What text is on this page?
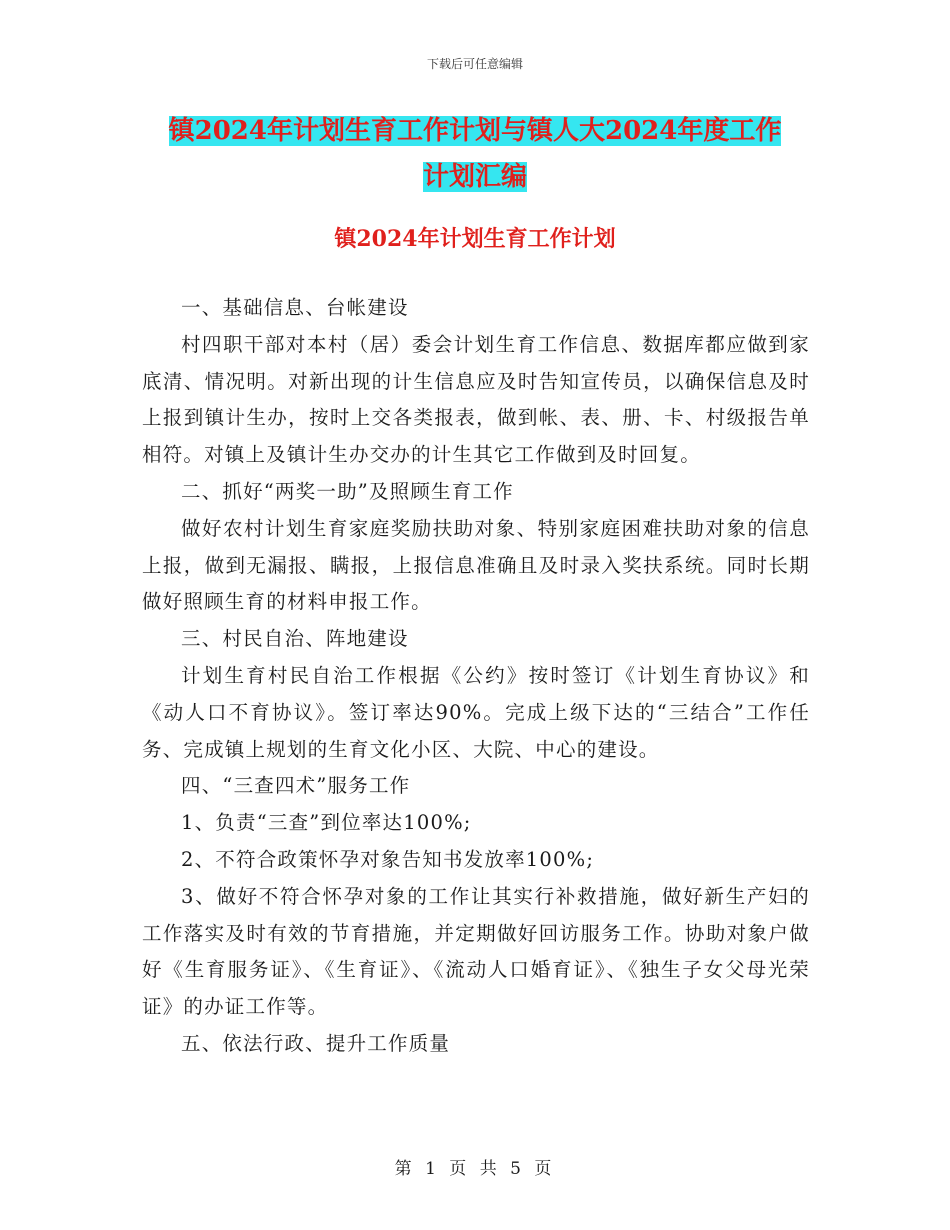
下载后可任意编辑
镇2024年计划生育工作计划与镇人大2024年度工作
计划汇编
镇2024年计划生育工作计划

一、基础信息、台帐建设

村四职干部对本村（居）委会计划生育工作信息、数据库都应做到家底清、情况明。对新出现的计生信息应及时告知宣传员，以确保信息及时上报到镇计生办，按时上交各类报表，做到帐、表、册、卡、村级报告单相符。对镇上及镇计生办交办的计生其它工作做到及时回复。

二、抓好“两奖一助”及照顾生育工作

做好农村计划生育家庭奖励扶助对象、特别家庭困难扶助对象的信息上报，做到无漏报、瞒报，上报信息准确且及时录入奖扶系统。同时长期做好照顾生育的材料申报工作。

三、村民自治、阵地建设

计划生育村民自治工作根据《公约》按时签订《计划生育协议》和《动人口不育协议》。签订率达90%。完成上级下达的“三结合”工作任务、完成镇上规划的生育文化小区、大院、中心的建设。

四、“三查四术”服务工作

1、负责“三查”到位率达100%;

2、不符合政策怀孕对象告知书发放率100%;

3、做好不符合怀孕对象的工作让其实行补救措施，做好新生产妇的工作落实及时有效的节育措施，并定期做好回访服务工作。协助对象户做好《生育服务证》、《生育证》、《流动人口婚育证》、《独生子女父母光荣证》的办证工作等。

五、依法行政、提升工作质量

第 1 页 共 5 页
